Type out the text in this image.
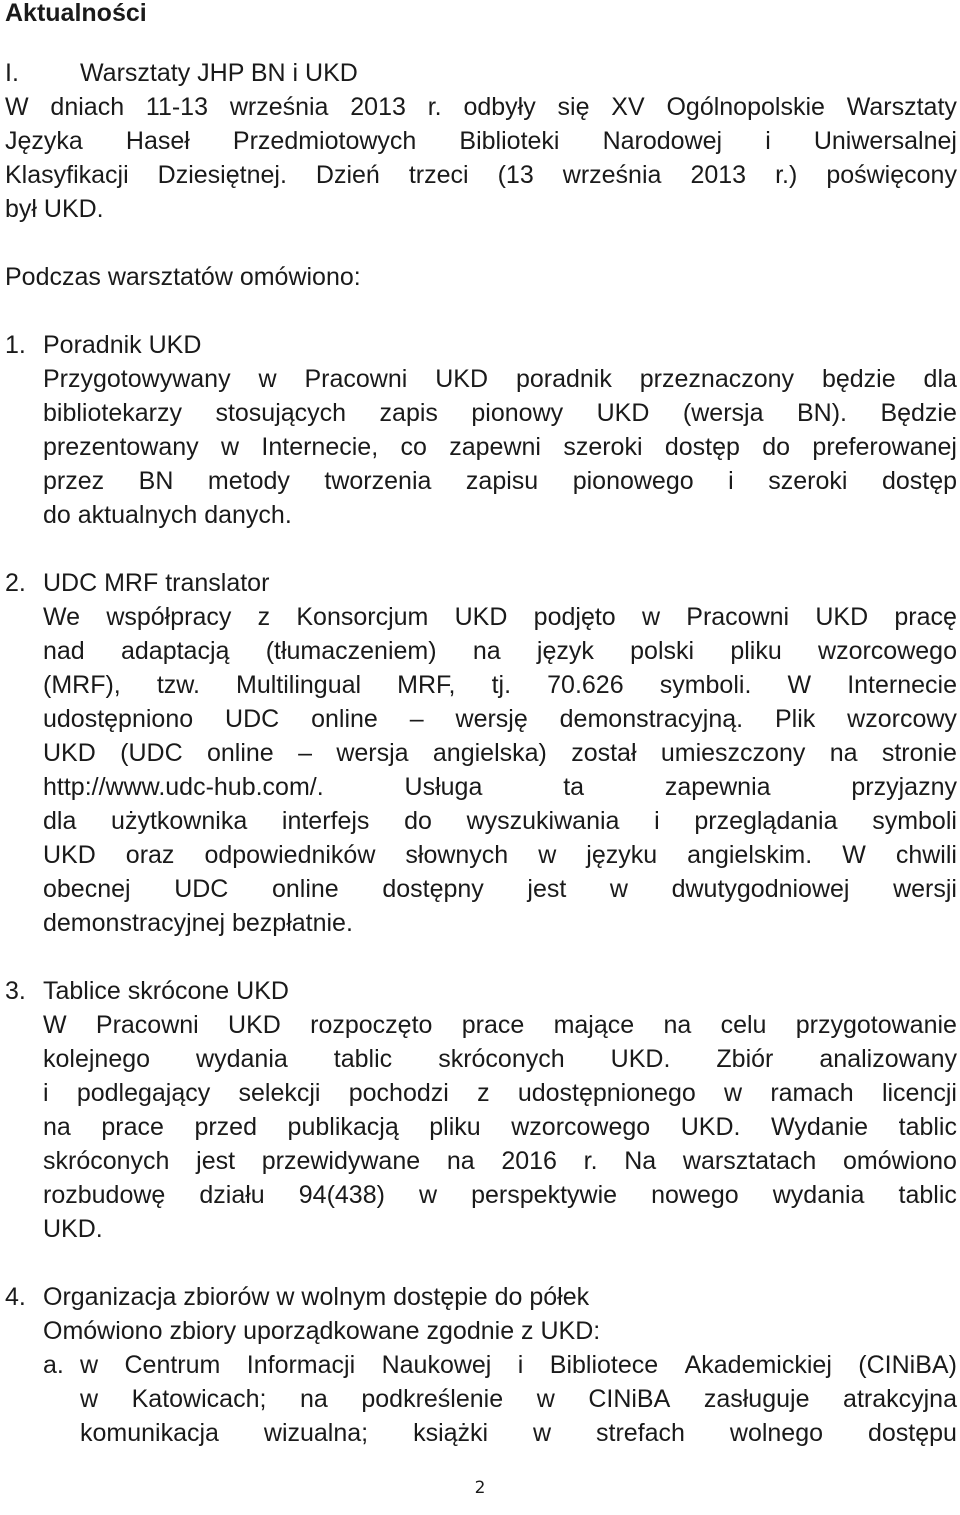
Aktualności
I. Warsztaty JHP BN i UKD
W dniach 11-13 września 2013 r. odbyły się XV Ogólnopolskie Warsztaty
Języka Haseł Przedmiotowych Biblioteki Narodowej i Uniwersalnej
Klasyfikacji Dziesiętnej. Dzień trzeci (13 września 2013 r.) poświęcony
był UKD.
Podczas warsztatów omówiono:
1. Poradnik UKD
Przygotowywany w Pracowni UKD poradnik przeznaczony będzie dla
bibliotekarzy stosujących zapis pionowy UKD (wersja BN). Będzie
prezentowany w Internecie, co zapewni szeroki dostęp do preferowanej
przez BN metody tworzenia zapisu pionowego i szeroki dostęp
do aktualnych danych.
2. UDC MRF translator
We współpracy z Konsorcjum UKD podjęto w Pracowni UKD pracę
nad adaptacją (tłumaczeniem) na język polski pliku wzorcowego
(MRF), tzw. Multilingual MRF, tj. 70.626 symboli. W Internecie
udostępniono UDC online – wersję demonstracyjną. Plik wzorcowy
UKD (UDC online – wersja angielska) został umieszczony na stronie
http://www.udc-hub.com/.	Usługa	ta	zapewnia	przyjazny
dla użytkownika interfejs do wyszukiwania i przeglądania symboli
UKD oraz odpowiedników słownych w języku angielskim. W chwili
obecnej UDC online dostępny jest w dwutygodniowej wersji
demonstracyjnej bezpłatnie.
3. Tablice skrócone UKD
W Pracowni UKD rozpoczęto prace mające na celu przygotowanie
kolejnego wydania tablic skróconych UKD. Zbiór analizowany
i podlegający selekcji pochodzi z udostępnionego w ramach licencji
na prace przed publikacją pliku wzorcowego UKD. Wydanie tablic
skróconych jest przewidywane na 2016 r. Na warsztatach omówiono
rozbudowę działu 94(438) w perspektywie nowego wydania tablic
UKD.
4. Organizacja zbiorów w wolnym dostępie do półek
Omówiono zbiory uporządkowane zgodnie z UKD:
a. w Centrum Informacji Naukowej i Bibliotece Akademickiej (CINiBA)
w Katowicach; na podkreślenie w CINiBA zasługuje atrakcyjna
komunikacja wizualna; książki w strefach wolnego dostępu
2
